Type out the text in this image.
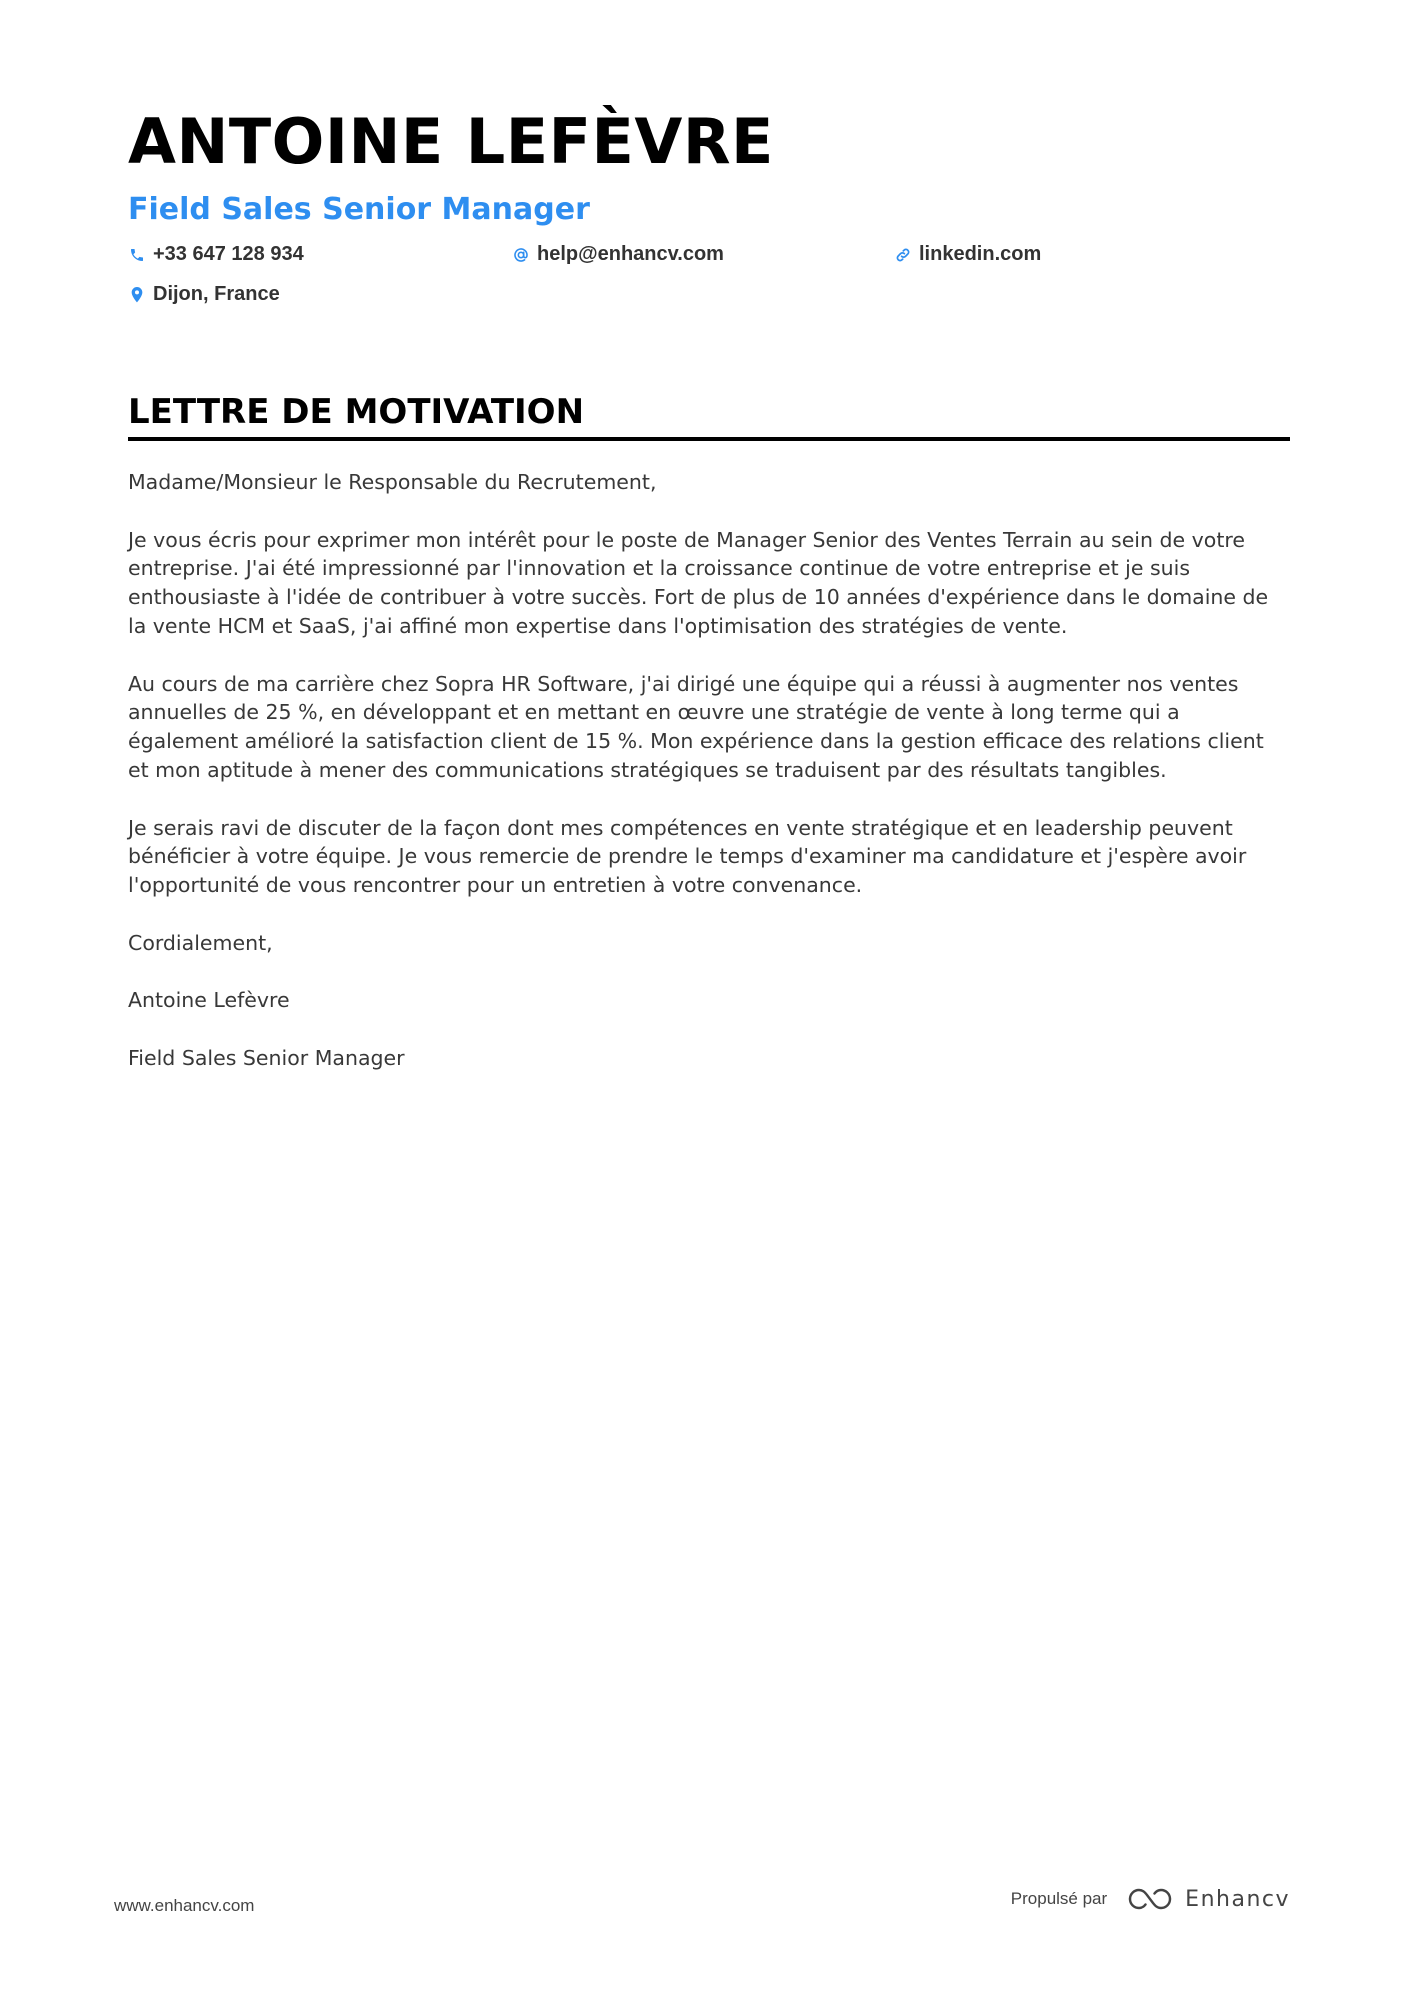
ANTOINE LEFÈVRE
Field Sales Senior Manager
+33 647 128 934	help@enhancv.com	linkedin.com
Dijon, France
LETTRE DE MOTIVATION

Madame/Monsieur le Responsable du Recrutement,

Je vous écris pour exprimer mon intérêt pour le poste de Manager Senior des Ventes Terrain au sein de votre entreprise. J'ai été impressionné par l'innovation et la croissance continue de votre entreprise et je suis enthousiaste à l'idée de contribuer à votre succès. Fort de plus de 10 années d'expérience dans le domaine de la vente HCM et SaaS, j'ai affiné mon expertise dans l'optimisation des stratégies de vente.

Au cours de ma carrière chez Sopra HR Software, j'ai dirigé une équipe qui a réussi à augmenter nos ventes annuelles de 25 %, en développant et en mettant en œuvre une stratégie de vente à long terme qui a également amélioré la satisfaction client de 15 %. Mon expérience dans la gestion efficace des relations client et mon aptitude à mener des communications stratégiques se traduisent par des résultats tangibles.

Je serais ravi de discuter de la façon dont mes compétences en vente stratégique et en leadership peuvent bénéficier à votre équipe. Je vous remercie de prendre le temps d'examiner ma candidature et j'espère avoir l'opportunité de vous rencontrer pour un entretien à votre convenance.

Cordialement,

Antoine Lefèvre

Field Sales Senior Manager

www.enhancv.com	Propulsé par	Enhancv
